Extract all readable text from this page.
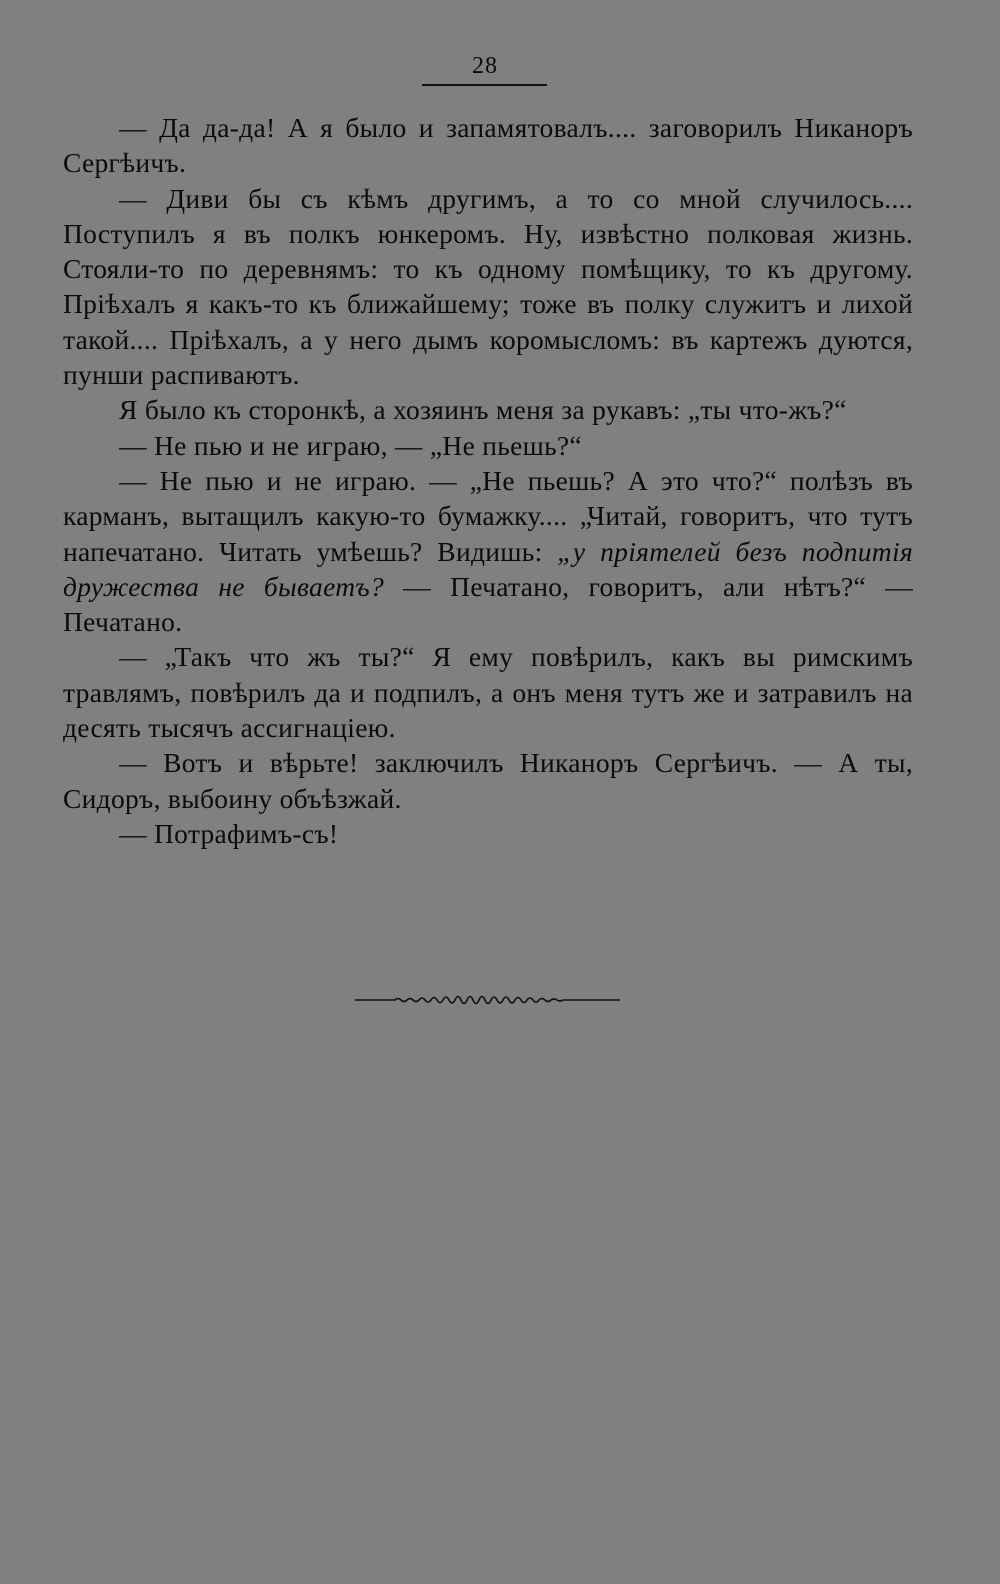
28

— Да да-да! А я было и запамятовалъ.... заговорилъ Никаноръ Сергѣичъ.

— Диви бы съ кѣмъ другимъ, а то со мной случилось.... Поступилъ я въ полкъ юнкеромъ. Ну, извѣстно полковая жизнь. Стояли-то по деревнямъ: то къ одному помѣщику, то къ другому. Пріѣхалъ я какъ-то къ ближайшему; тоже въ полку служитъ и лихой такой.... Пріѣхалъ, а у него дымъ коромысломъ: въ картежъ дуются, пунши распиваютъ.

Я было къ сторонкѣ, а хозяинъ меня за рукавъ: „ты что-жъ?“

— Не пью и не играю, — „Не пьешь?“

— Не пью и не играю. — „Не пьешь? А это что?“ полѣзъ въ карманъ, вытащилъ какую-то бумажку.... „Читай, говоритъ, что тутъ напечатано. Читать умѣешь? Видишь: „у пріятелей безъ подпитія дружества не бываетъ? — Печатано, говоритъ, али нѣтъ?“ — Печатано.

— „Такъ что жъ ты?“ Я ему повѣрилъ, какъ вы римскимъ травлямъ, повѣрилъ да и подпилъ, а онъ меня тутъ же и затравилъ на десять тысячъ ассигнаціею.

— Вотъ и вѣрьте! заключилъ Никаноръ Сергѣичъ. — А ты, Сидоръ, выбоину объѣзжай.

— Потрафимъ-съ!
